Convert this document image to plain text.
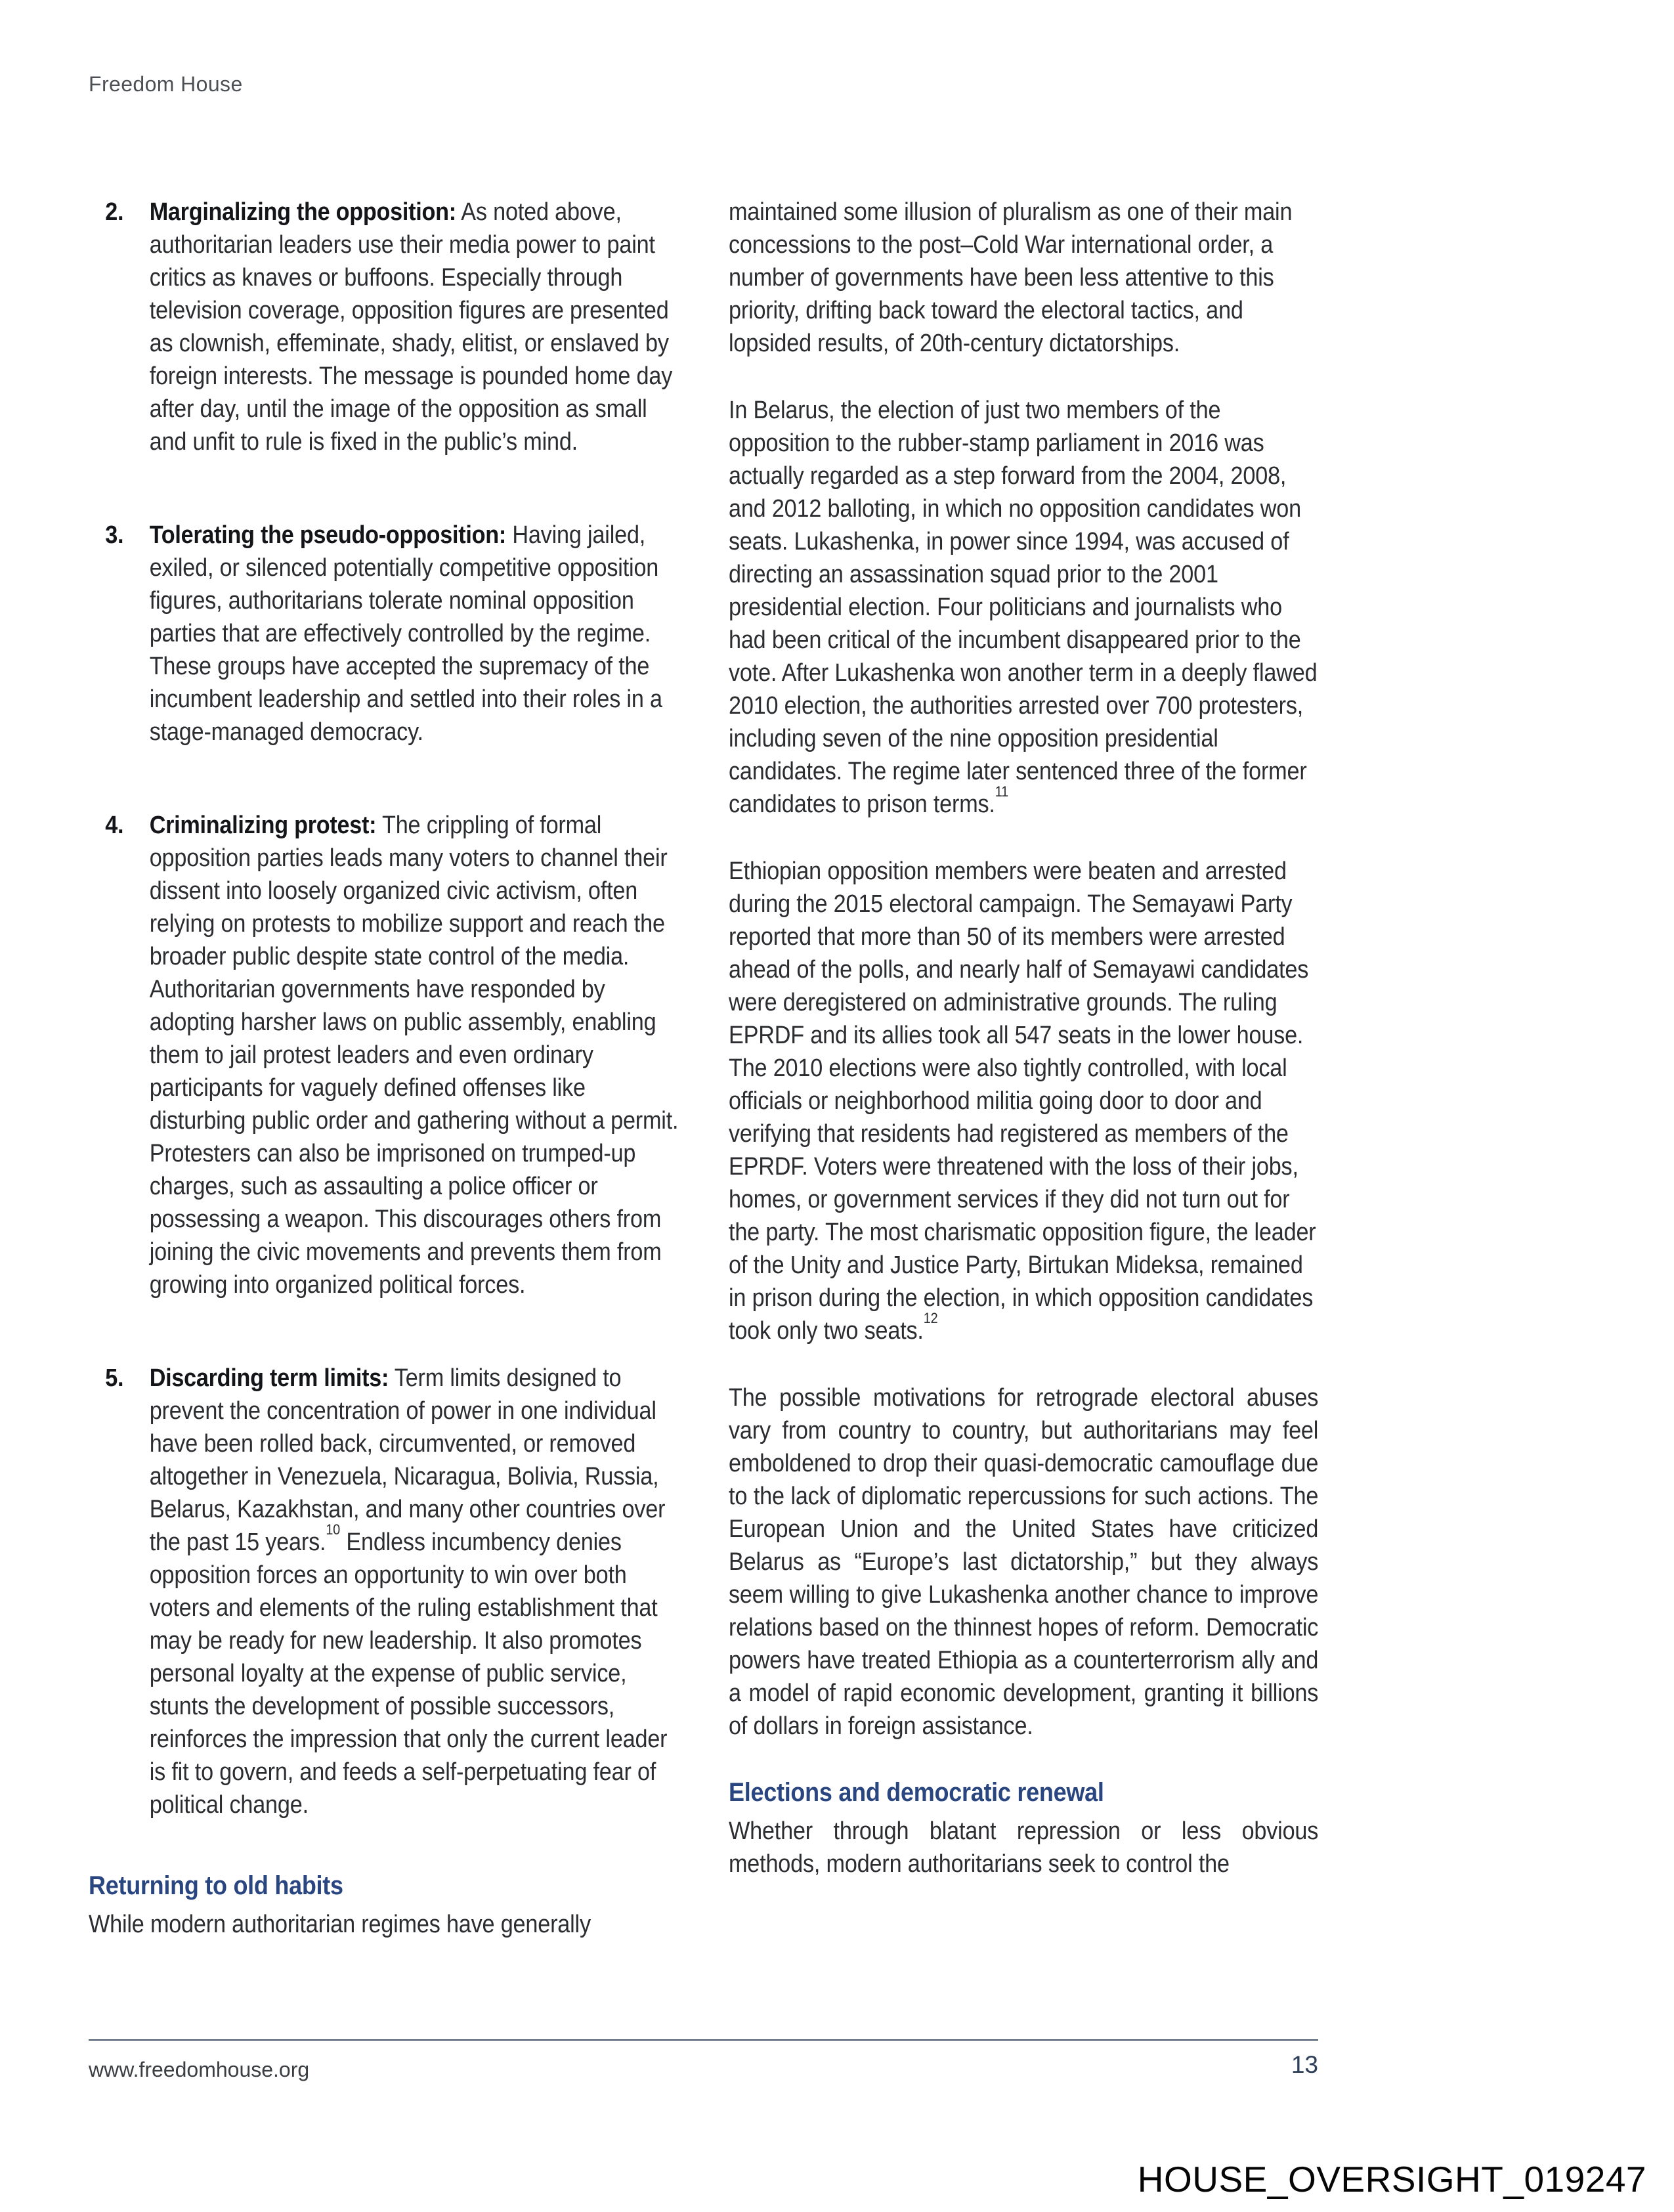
Freedom House
2.	Marginalizing the opposition: As noted above, authoritarian leaders use their media power to paint critics as knaves or buffoons. Especially through television coverage, opposition figures are presented as clownish, effeminate, shady, elitist, or enslaved by foreign interests. The message is pounded home day after day, until the image of the opposition as small and unfit to rule is fixed in the public’s mind.
3.	Tolerating the pseudo-opposition: Having jailed, exiled, or silenced potentially competitive opposition figures, authoritarians tolerate nominal opposition parties that are effectively controlled by the regime. These groups have accepted the supremacy of the incumbent leadership and settled into their roles in a stage-managed democracy.
4.	Criminalizing protest: The crippling of formal opposition parties leads many voters to channel their dissent into loosely organized civic activism, often relying on protests to mobilize support and reach the broader public despite state control of the media. Authoritarian governments have responded by adopting harsher laws on public assembly, enabling them to jail protest leaders and even ordinary participants for vaguely defined offenses like disturbing public order and gathering without a permit. Protesters can also be imprisoned on trumped-up charges, such as assaulting a police officer or possessing a weapon. This discourages others from joining the civic movements and prevents them from growing into organized political forces.
5.	Discarding term limits: Term limits designed to prevent the concentration of power in one individual have been rolled back, circumvented, or removed altogether in Venezuela, Nicaragua, Bolivia, Russia, Belarus, Kazakhstan, and many other countries over the past 15 years.$^{10}$ Endless incumbency denies opposition forces an opportunity to win over both voters and elements of the ruling establishment that may be ready for new leadership. It also promotes personal loyalty at the expense of public service, stunts the development of possible successors, reinforces the impression that only the current leader is fit to govern, and feeds a self-perpetuating fear of political change.
Returning to old habits

While modern authoritarian regimes have generally

maintained some illusion of pluralism as one of their main concessions to the post–Cold War international order, a number of governments have been less attentive to this priority, drifting back toward the electoral tactics, and lopsided results, of 20th-century dictatorships.

In Belarus, the election of just two members of the opposition to the rubber-stamp parliament in 2016 was actually regarded as a step forward from the 2004, 2008, and 2012 balloting, in which no opposition candidates won seats. Lukashenka, in power since 1994, was accused of directing an assassination squad prior to the 2001 presidential election. Four politicians and journalists who had been critical of the incumbent disappeared prior to the vote. After Lukashenka won another term in a deeply flawed 2010 election, the authorities arrested over 700 protesters, including seven of the nine opposition presidential candidates. The regime later sentenced three of the former candidates to prison terms.$^{11}$

Ethiopian opposition members were beaten and arrested during the 2015 electoral campaign. The Semayawi Party reported that more than 50 of its members were arrested ahead of the polls, and nearly half of Semayawi candidates were deregistered on administrative grounds. The ruling EPRDF and its allies took all 547 seats in the lower house. The 2010 elections were also tightly controlled, with local officials or neighborhood militia going door to door and verifying that residents had registered as members of the EPRDF. Voters were threatened with the loss of their jobs, homes, or government services if they did not turn out for the party. The most charismatic opposition figure, the leader of the Unity and Justice Party, Birtukan Mideksa, remained in prison during the election, in which opposition candidates took only two seats.$^{12}$

The possible motivations for retrograde electoral abuses vary from country to country, but authoritarians may feel emboldened to drop their quasi-democratic camouflage due to the lack of diplomatic repercussions for such actions. The European Union and the United States have criticized Belarus as “Europe’s last dictatorship,” but they always seem willing to give Lukashenka another chance to improve relations based on the thinnest hopes of reform. Democratic powers have treated Ethiopia as a counterterrorism ally and a model of rapid economic development, granting it billions of dollars in foreign assistance.

Elections and democratic renewal

Whether through blatant repression or less obvious methods, modern authoritarians seek to control the

www.freedomhouse.org	13
HOUSE_OVERSIGHT_019247
